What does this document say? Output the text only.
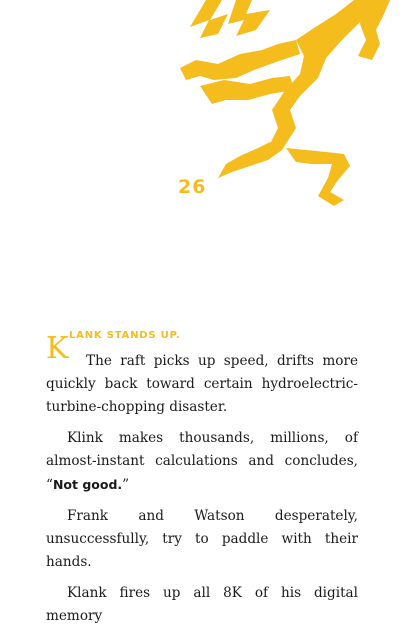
26
K LANK STANDS UP.

The raft picks up speed, drifts more quickly back toward certain hydroelectric-turbine-chopping disaster.

Klink makes thousands, millions, of almost-instant calculations and concludes, “Not good.”

Frank and Watson desperately, unsuccessfully, try to paddle with their hands.

Klank fires up all 8K of his digital memory
